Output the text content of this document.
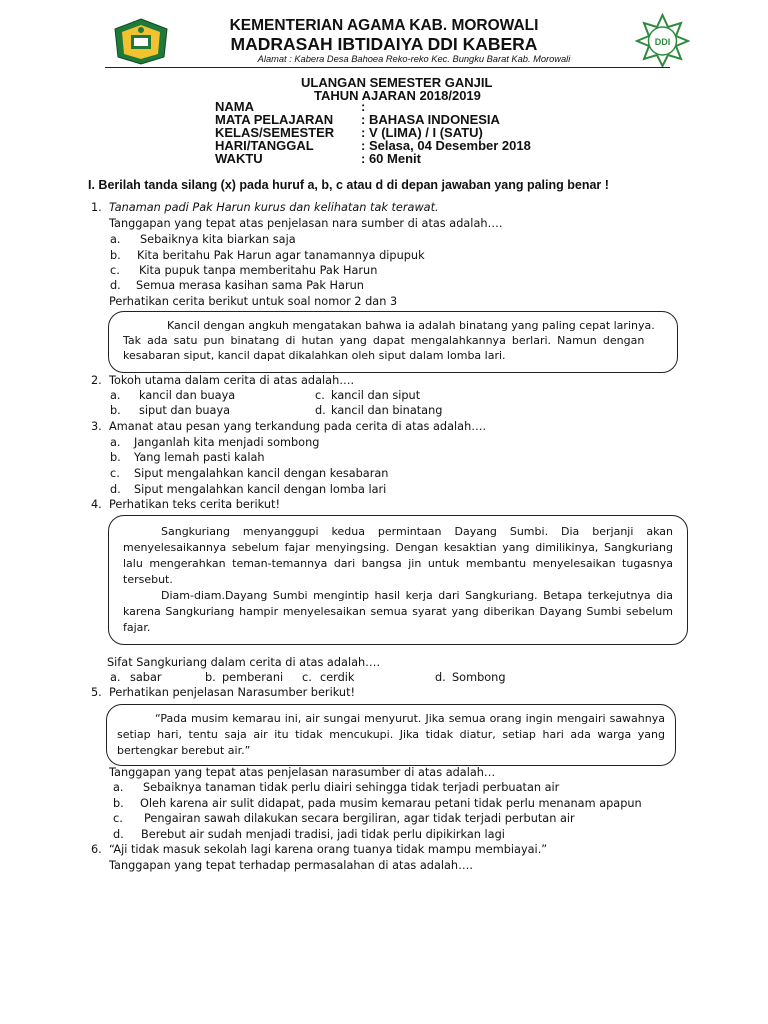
KEMENTERIAN AGAMA KAB. MOROWALI
MADRASAH IBTIDAIYA DDI KABERA
Alamat : Kabera Desa Bahoea Reko-reko Kec. Bungku Barat Kab. Morowali
DDI
ULANGAN SEMESTER GANJIL
TAHUN AJARAN 2018/2019
NAMA	:
MATA PELAJARAN : BAHASA INDONESIA
KELAS/SEMESTER : V (LIMA) / I (SATU)
HARI/TANGGAL	: Selasa, 04 Desember 2018
WAKTU	: 60 Menit
I. Berilah tanda silang (x) pada huruf a, b, c atau d di depan jawaban yang paling benar !
1. Tanaman padi Pak Harun kurus dan kelihatan tak terawat.
Tanggapan yang tepat atas penjelasan nara sumber di atas adalah….
a. Sebaiknya kita biarkan saja
b. Kita beritahu Pak Harun agar tanamannya dipupuk
c. Kita pupuk tanpa memberitahu Pak Harun
d. Semua merasa kasihan sama Pak Harun
Perhatikan cerita berikut untuk soal nomor 2 dan 3
Kancil dengan angkuh mengatakan bahwa ia adalah binatang yang paling cepat larinya.
Tak ada satu pun binatang di hutan yang dapat mengalahkannya berlari. Namun dengan
kesabaran siput, kancil dapat dikalahkan oleh siput dalam lomba lari.
2. Tokoh utama dalam cerita di atas adalah….
a. kancil dan buaya	c. kancil dan siput
b. siput dan buaya	d. kancil dan binatang
3. Amanat atau pesan yang terkandung pada cerita di atas adalah….
a. Janganlah kita menjadi sombong
b. Yang lemah pasti kalah
c. Siput mengalahkan kancil dengan kesabaran
d. Siput mengalahkan kancil dengan lomba lari
4. Perhatikan teks cerita berikut!

Sangkuriang menyanggupi kedua permintaan Dayang Sumbi. Dia berjanji akan menyelesaikannya sebelum fajar menyingsing. Dengan kesaktian yang dimilikinya, Sangkuriang lalu mengerahkan teman-temannya dari bangsa jin untuk membantu menyelesaikan tugasnya tersebut.

Diam-diam.Dayang Sumbi mengintip hasil kerja dari Sangkuriang. Betapa terkejutnya dia karena Sangkuriang hampir menyelesaikan semua syarat yang diberikan Dayang Sumbi sebelum fajar.

Sifat Sangkuriang dalam cerita di atas adalah….
a. sabar	b. pemberani c. cerdik	d. Sombong
5. Perhatikan penjelasan Narasumber berikut!

“Pada musim kemarau ini, air sungai menyurut. Jika semua orang ingin mengairi sawahnya setiap hari, tentu saja air itu tidak mencukupi. Jika tidak diatur, setiap hari ada warga yang bertengkar berebut air.”

Tanggapan yang tepat atas penjelasan narasumber di atas adalah…
a. Sebaiknya tanaman tidak perlu diairi sehingga tidak terjadi perbuatan air
b. Oleh karena air sulit didapat, pada musim kemarau petani tidak perlu menanam apapun
c. Pengairan sawah dilakukan secara bergiliran, agar tidak terjadi perbutan air
d. Berebut air sudah menjadi tradisi, jadi tidak perlu dipikirkan lagi
6. “Aji tidak masuk sekolah lagi karena orang tuanya tidak mampu membiayai.”
Tanggapan yang tepat terhadap permasalahan di atas adalah….
